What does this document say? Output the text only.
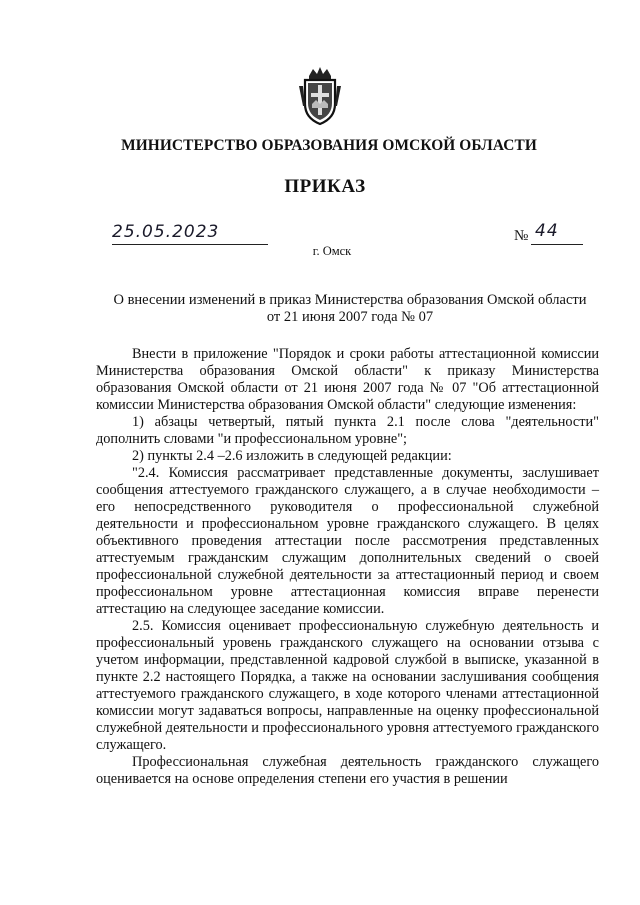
МИНИСТЕРСТВО ОБРАЗОВАНИЯ ОМСКОЙ ОБЛАСТИ
ПРИКАЗ
25.05.2023	№ 44
г. Омск
О внесении изменений в приказ Министерства образования Омской области
от 21 июня 2007 года № 07

Внести в приложение "Порядок и сроки работы аттестационной комиссии Министерства образования Омской области" к приказу Министерства образования Омской области от 21 июня 2007 года № 07 "Об аттестационной комиссии Министерства образования Омской области" следующие изменения:

1) абзацы четвертый, пятый пункта 2.1 после слова "деятельности" дополнить словами "и профессиональном уровне";

2) пункты 2.4 –2.6 изложить в следующей редакции:

"2.4. Комиссия рассматривает представленные документы, заслушивает сообщения аттестуемого гражданского служащего, а в случае необходимости – его непосредственного руководителя о профессиональной служебной деятельности и профессиональном уровне гражданского служащего. В целях объективного проведения аттестации после рассмотрения представленных аттестуемым гражданским служащим дополнительных сведений о своей профессиональной служебной деятельности за аттестационный период и своем профессиональном уровне аттестационная комиссия вправе перенести аттестацию на следующее заседание комиссии.

2.5. Комиссия оценивает профессиональную служебную деятельность и профессиональный уровень гражданского служащего на основании отзыва с учетом информации, представленной кадровой службой в выписке, указанной в пункте 2.2 настоящего Порядка, а также на основании заслушивания сообщения аттестуемого гражданского служащего, в ходе которого членами аттестационной комиссии могут задаваться вопросы, направленные на оценку профессиональной служебной деятельности и профессионального уровня аттестуемого гражданского служащего.

Профессиональная служебная деятельность гражданского служащего оценивается на основе определения степени его участия в решении
